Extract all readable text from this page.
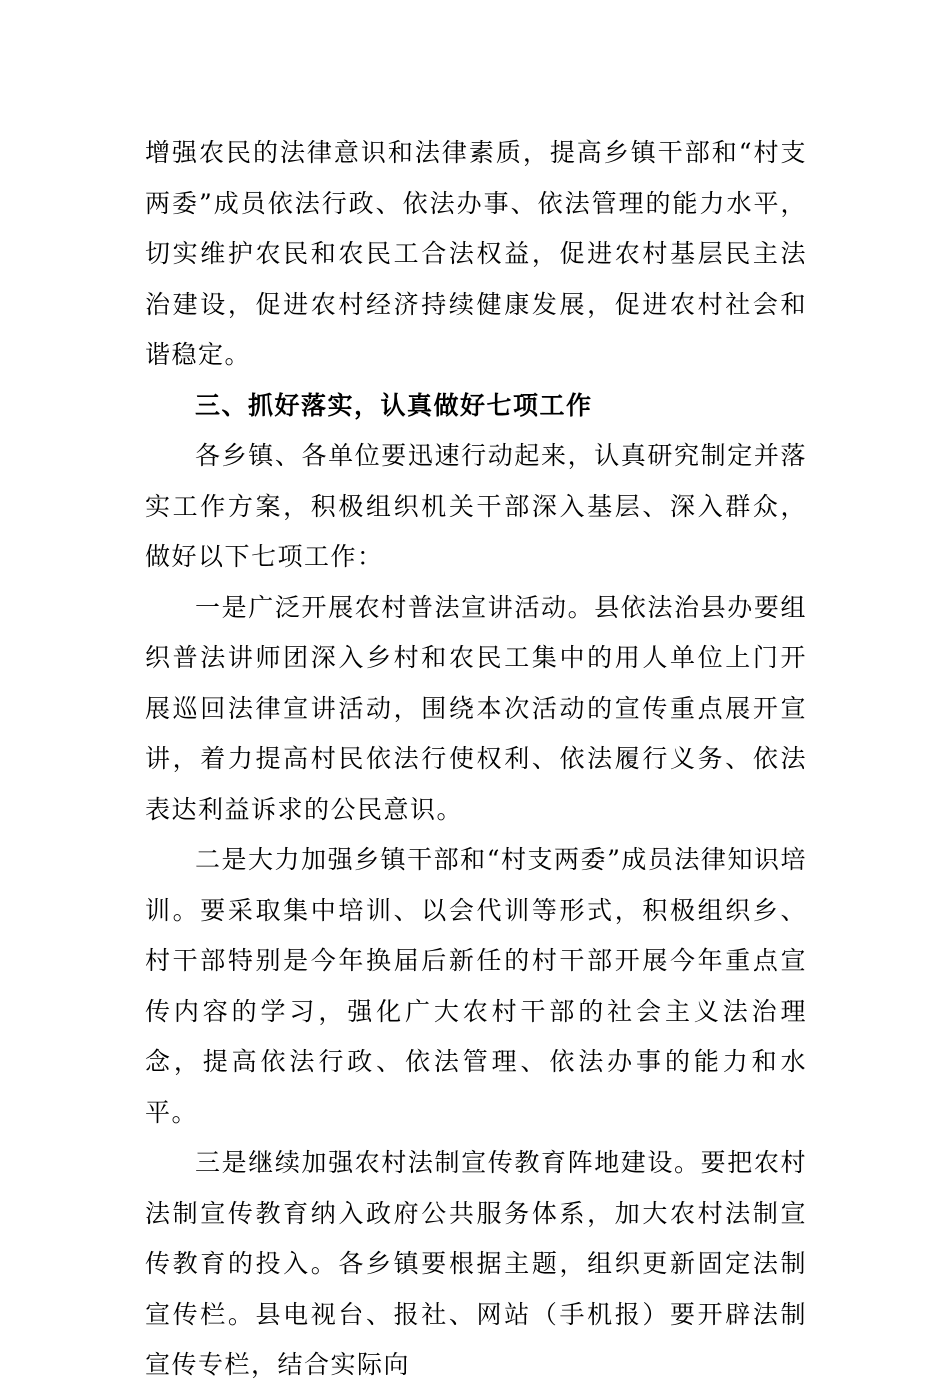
增强农民的法律意识和法律素质，提高乡镇干部和“村支两委”成员依法行政、依法办事、依法管理的能力水平，切实维护农民和农民工合法权益，促进农村基层民主法治建设，促进农村经济持续健康发展，促进农村社会和谐稳定。

三、抓好落实，认真做好七项工作

各乡镇、各单位要迅速行动起来，认真研究制定并落实工作方案，积极组织机关干部深入基层、深入群众，做好以下七项工作：

一是广泛开展农村普法宣讲活动。县依法治县办要组织普法讲师团深入乡村和农民工集中的用人单位上门开展巡回法律宣讲活动，围绕本次活动的宣传重点展开宣讲，着力提高村民依法行使权利、依法履行义务、依法表达利益诉求的公民意识。

二是大力加强乡镇干部和“村支两委”成员法律知识培训。要采取集中培训、以会代训等形式，积极组织乡、村干部特别是今年换届后新任的村干部开展今年重点宣传内容的学习，强化广大农村干部的社会主义法治理念，提高依法行政、依法管理、依法办事的能力和水平。

三是继续加强农村法制宣传教育阵地建设。要把农村法制宣传教育纳入政府公共服务体系，加大农村法制宣传教育的投入。各乡镇要根据主题，组织更新固定法制宣传栏。县电视台、报社、网站（手机报）要开辟法制宣传专栏，结合实际向
